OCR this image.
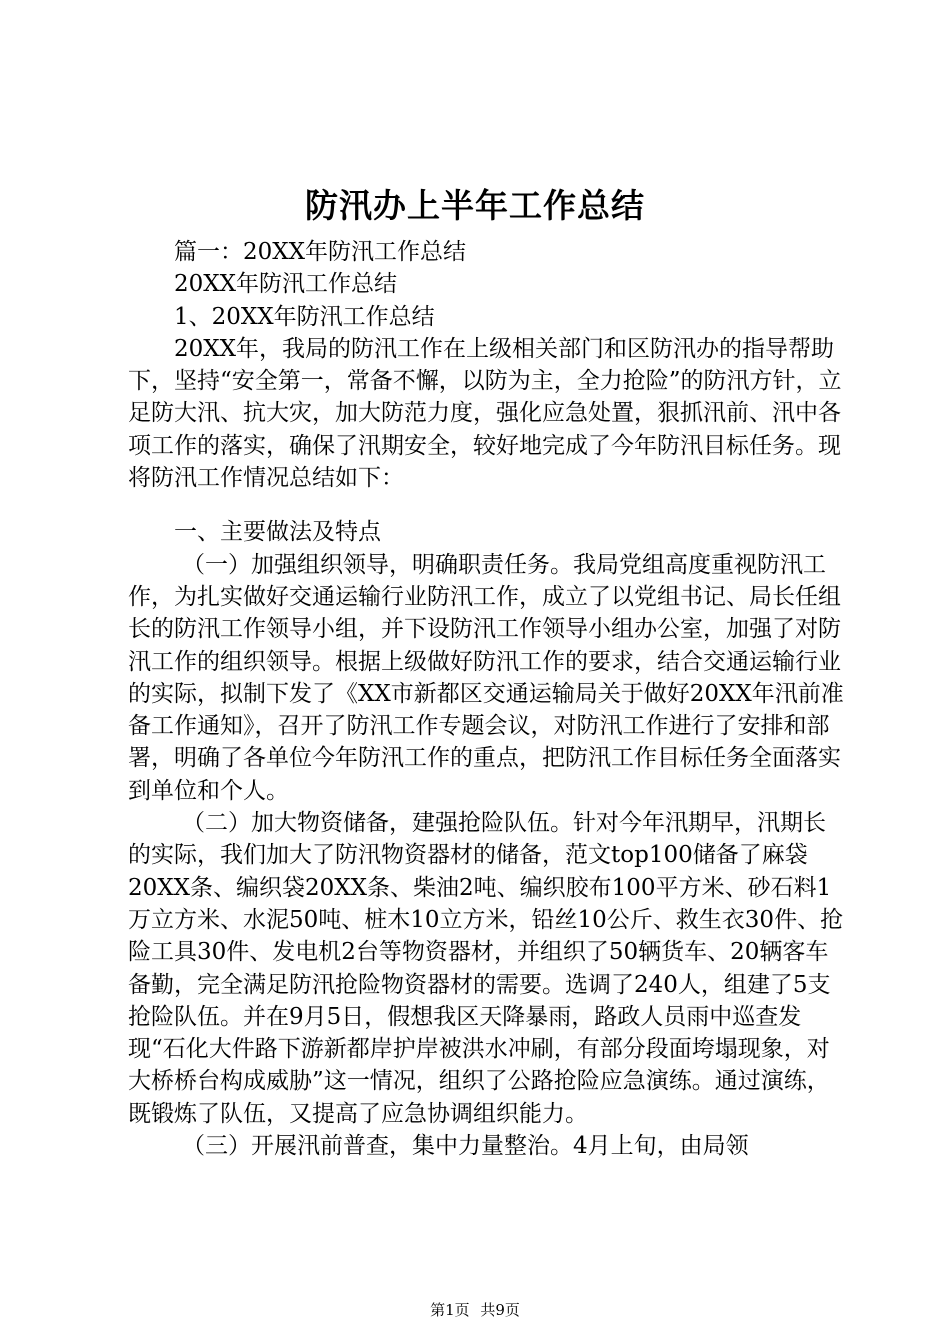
防汛办上半年工作总结

篇一：20XX年防汛工作总结

20XX年防汛工作总结

1、20XX年防汛工作总结

20XX年，我局的防汛工作在上级相关部门和区防汛办的指导帮助下，坚持“安全第一，常备不懈，以防为主，全力抢险”的防汛方针，立足防大汛、抗大灾，加大防范力度，强化应急处置，狠抓汛前、汛中各项工作的落实，确保了汛期安全，较好地完成了今年防汛目标任务。现将防汛工作情况总结如下：

一、主要做法及特点

（一）加强组织领导，明确职责任务。我局党组高度重视防汛工作，为扎实做好交通运输行业防汛工作，成立了以党组书记、局长任组长的防汛工作领导小组，并下设防汛工作领导小组办公室，加强了对防汛工作的组织领导。根据上级做好防汛工作的要求，结合交通运输行业的实际，拟制下发了《XX市新都区交通运输局关于做好20XX年汛前准备工作通知》，召开了防汛工作专题会议，对防汛工作进行了安排和部署，明确了各单位今年防汛工作的重点，把防汛工作目标任务全面落实到单位和个人。

（二）加大物资储备，建强抢险队伍。针对今年汛期早，汛期长的实际，我们加大了防汛物资器材的储备，范文top100储备了麻袋20XX条、编织袋20XX条、柴油2吨、编织胶布100平方米、砂石料1万立方米、水泥50吨、桩木10立方米，铅丝10公斤、救生衣30件、抢险工具30件、发电机2台等物资器材，并组织了50辆货车、20辆客车备勤，完全满足防汛抢险物资器材的需要。选调了240人，组建了5支抢险队伍。并在9月5日，假想我区天降暴雨，路政人员雨中巡查发现“石化大件路下游新都岸护岸被洪水冲刷，有部分段面垮塌现象，对大桥桥台构成威胁”这一情况，组织了公路抢险应急演练。通过演练，既锻炼了队伍，又提高了应急协调组织能力。

（三）开展汛前普查，集中力量整治。4月上旬，由局领

第1页 共9页
